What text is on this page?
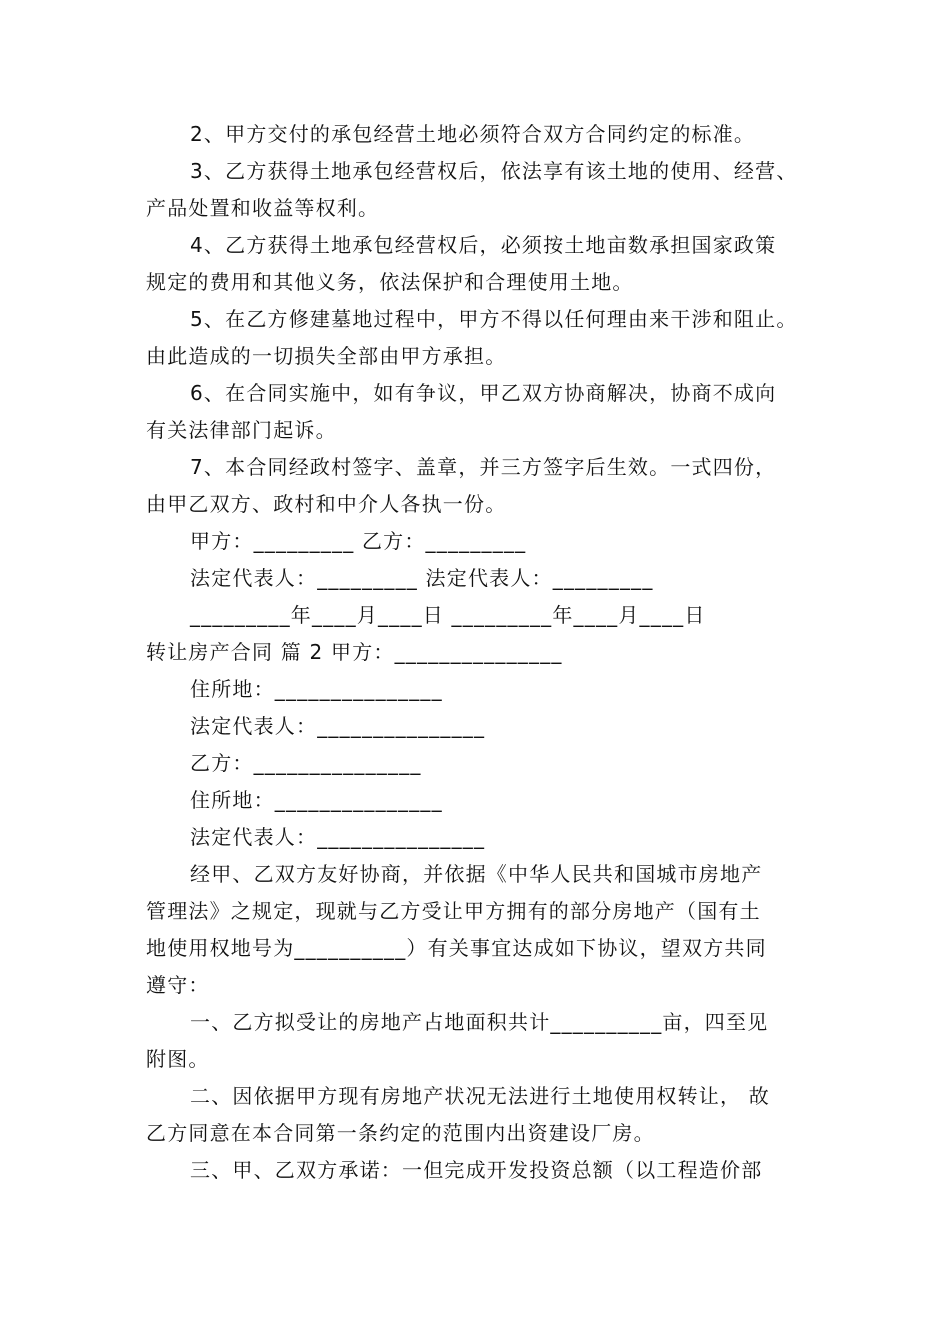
2、甲方交付的承包经营土地必须符合双方合同约定的标准。
3、乙方获得土地承包经营权后，依法享有该土地的使用、经营、
产品处置和收益等权利。
4、乙方获得土地承包经营权后，必须按土地亩数承担国家政策
规定的费用和其他义务，依法保护和合理使用土地。
5、在乙方修建墓地过程中，甲方不得以任何理由来干涉和阻止。
由此造成的一切损失全部由甲方承担。
6、在合同实施中，如有争议，甲乙双方协商解决，协商不成向
有关法律部门起诉。
7、本合同经政村签字、盖章，并三方签字后生效。一式四份，
由甲乙双方、政村和中介人各执一份。
甲方：_________ 乙方：_________
法定代表人：_________ 法定代表人：_________
_________年____月____日 _________年____月____日
转让房产合同 篇 2 甲方：_______________
住所地：_______________
法定代表人：_______________
乙方：_______________
住所地：_______________
法定代表人：_______________
经甲、乙双方友好协商，并依据《中华人民共和国城市房地产
管理法》之规定，现就与乙方受让甲方拥有的部分房地产（国有土
地使用权地号为__________）有关事宜达成如下协议，望双方共同
遵守：
一、乙方拟受让的房地产占地面积共计__________亩，四至见
附图。
二、因依据甲方现有房地产状况无法进行土地使用权转让， 故
乙方同意在本合同第一条约定的范围内出资建设厂房。
三、甲、乙双方承诺：一但完成开发投资总额（以工程造价部
